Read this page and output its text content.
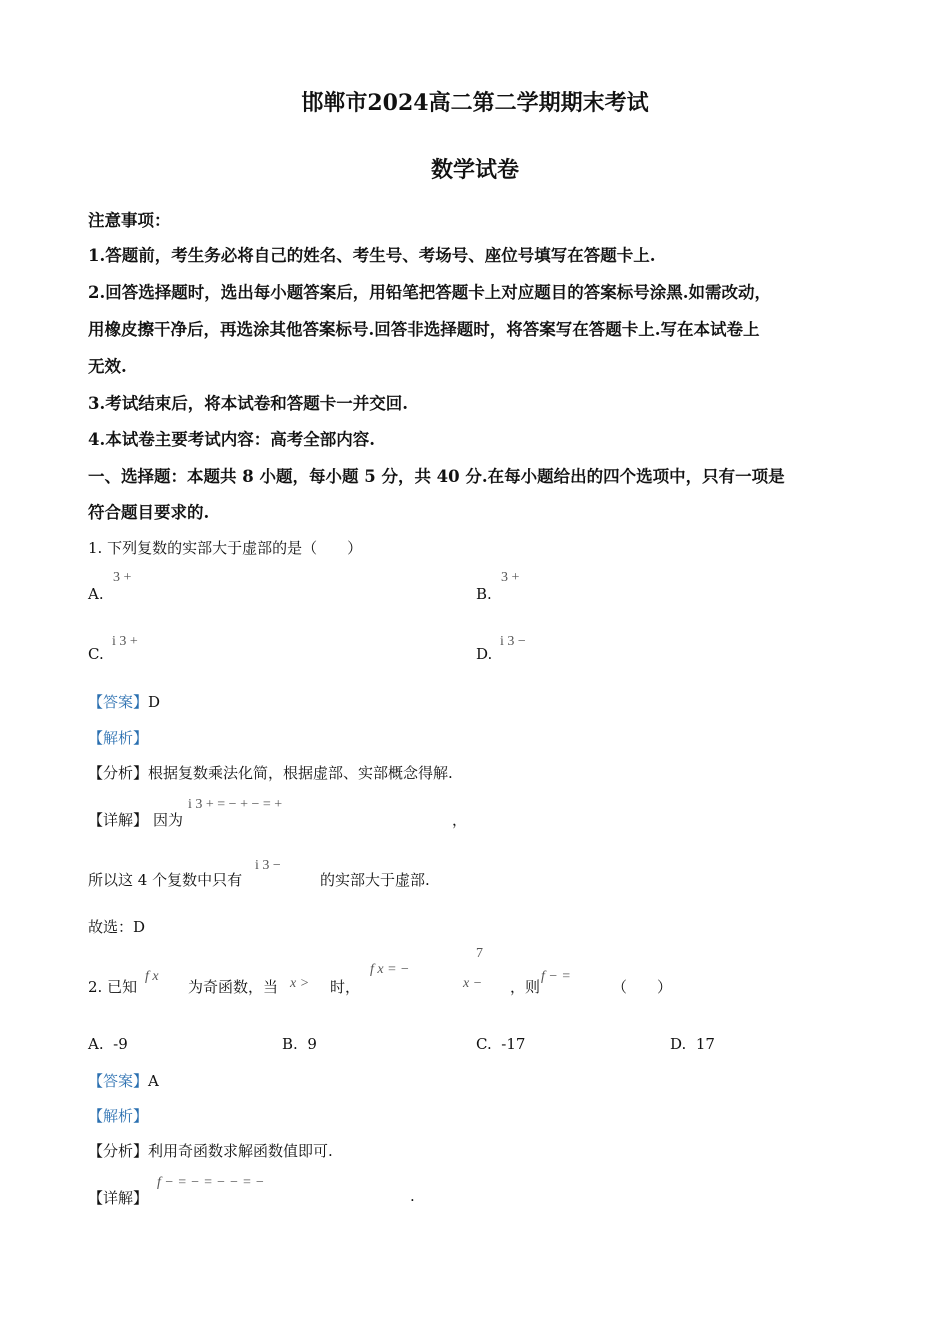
邯郸市2024高二第二学期期末考试
数学试卷
注意事项：
1.答题前，考生务必将自己的姓名、考生号、考场号、座位号填写在答题卡上.
2.回答选择题时，选出每小题答案后，用铅笔把答题卡上对应题目的答案标号涂黑.如需改动，
用橡皮擦干净后，再选涂其他答案标号.回答非选择题时，将答案写在答题卡上.写在本试卷上
无效.
3.考试结束后，将本试卷和答题卡一并交回.
4.本试卷主要考试内容：高考全部内容.
一、选择题：本题共 8 小题，每小题 5 分，共 40 分.在每小题给出的四个选项中，只有一项是
符合题目要求的.
1. 下列复数的实部大于虚部的是（　　）
A.
3 +
B.
3 +
C.
i 3 +
D.
i 3 −
【答案】D
【解析】
【分析】根据复数乘法化简，根据虚部、实部概念得解.
【详解】 因为
i 3 + = − + − = +
，
所以这 4 个复数中只有
i 3 −
的实部大于虚部.
故选：D
2. 已知
f x
为奇函数，当 x > 时，
f x = −
7
x − ，则
f − =
（　　）
A. -9	B. 9	C. -17	D. 17
【答案】A
【解析】
【分析】利用奇函数求解函数值即可.
【详解】
f − = − = − − = −
.
